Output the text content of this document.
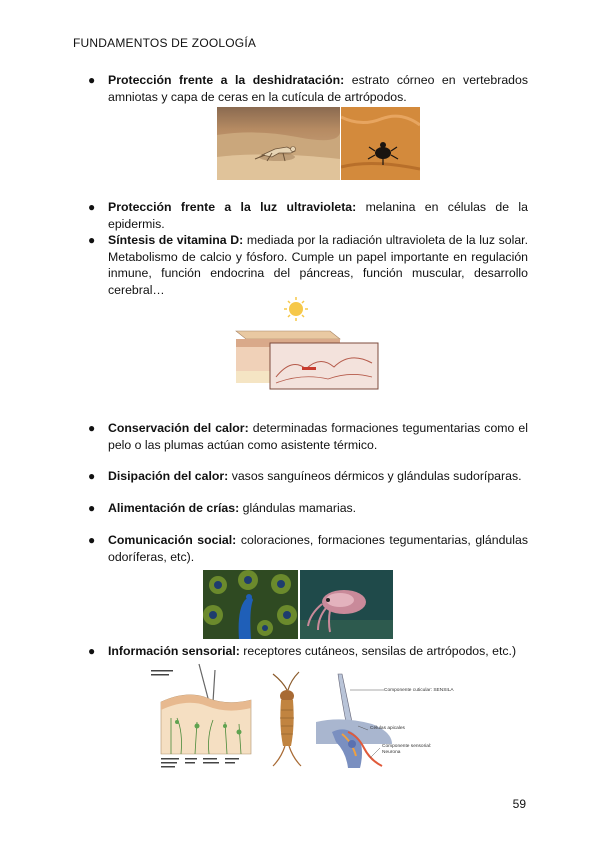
FUNDAMENTOS DE ZOOLOGÍA
● Protección frente a la deshidratación: estrato córneo en vertebrados amniotas y capa de ceras en la cutícula de artrópodos.
● Protección frente a la luz ultravioleta: melanina en células de la epidermis.
● Síntesis de vitamina D: mediada por la radiación ultravioleta de la luz solar. Metabolismo de calcio y fósforo. Cumple un papel importante en regulación inmune, función endocrina del páncreas, función muscular, desarrollo cerebral…
● Conservación del calor: determinadas formaciones tegumentarias como el pelo o las plumas actúan como asistente térmico.
● Disipación del calor: vasos sanguíneos dérmicos y glándulas sudoríparas.
● Alimentación de crías: glándulas mamarias.
● Comunicación social: coloraciones, formaciones tegumentarias, glándulas odoríferas, etc).
● Información sensorial: receptores cutáneos, sensilas de artrópodos, etc.)
Componente cuticular: SENSILA
Células apicales
Componente sensorial:
Neurona
59
